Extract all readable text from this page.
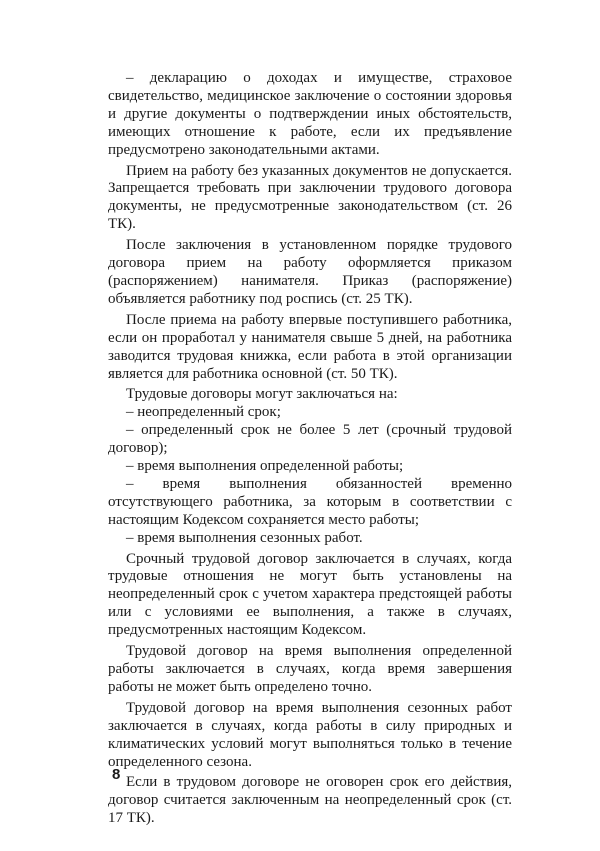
– декларацию о доходах и имуществе, страховое свидетельство, медицинское заключение о состоянии здоровья и другие документы о подтверждении иных обстоятельств, имеющих отношение к работе, если их предъявление предусмотрено законодательными актами.

Прием на работу без указанных документов не допускается. Запрещается требовать при заключении трудового договора документы, не предусмотренные законодательством (ст. 26 ТК).

После заключения в установленном порядке трудового договора прием на работу оформляется приказом (распоряжением) нанимателя. Приказ (распоряжение) объявляется работнику под роспись (ст. 25 ТК).

После приема на работу впервые поступившего работника, если он проработал у нанимателя свыше 5 дней, на работника заводится трудовая книжка, если работа в этой организации является для работника основной (ст. 50 ТК).

Трудовые договоры могут заключаться на:

– неопределенный срок;

– определенный срок не более 5 лет (срочный трудовой договор);

– время выполнения определенной работы;

– время выполнения обязанностей временно отсутствующего работника, за которым в соответствии с настоящим Кодексом сохраняется место работы;

– время выполнения сезонных работ.

Срочный трудовой договор заключается в случаях, когда трудовые отношения не могут быть установлены на неопределенный срок с учетом характера предстоящей работы или с условиями ее выполнения, а также в случаях, предусмотренных настоящим Кодексом.

Трудовой договор на время выполнения определенной работы заключается в случаях, когда время завершения работы не может быть определено точно.

Трудовой договор на время выполнения сезонных работ заключается в случаях, когда работы в силу природных и климатических условий могут выполняться только в течение определенного сезона.

Если в трудовом договоре не оговорен срок его действия, договор считается заключенным на неопределенный срок (ст. 17 ТК).

8
